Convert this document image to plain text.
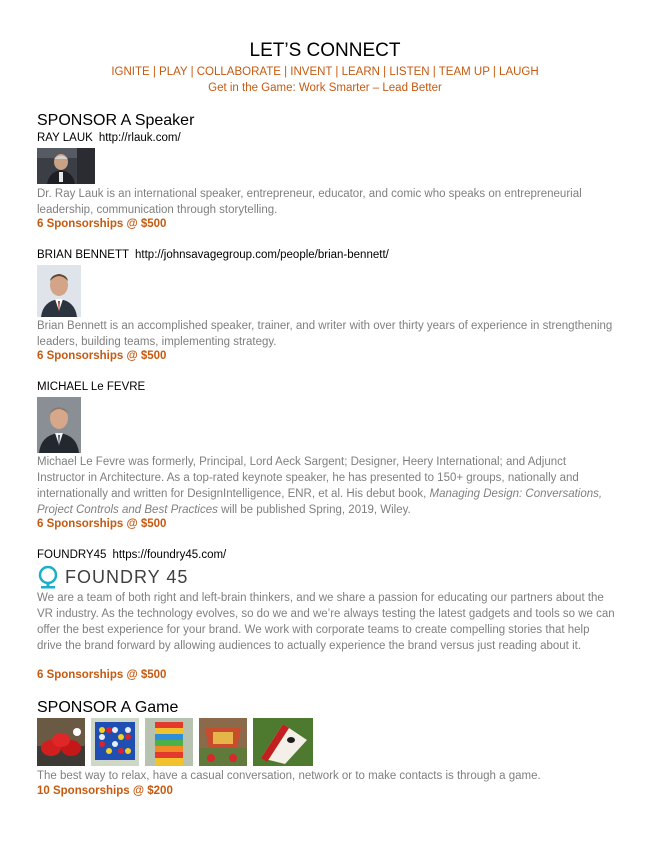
LET’S CONNECT
IGNITE | PLAY | COLLABORATE | INVENT | LEARN | LISTEN | TEAM UP | LAUGH
Get in the Game: Work Smarter – Lead Better
SPONSOR A Speaker
RAY LAUK http://rlauk.com/
Dr. Ray Lauk is an international speaker, entrepreneur, educator, and comic who speaks on entrepreneurial leadership, communication through storytelling.
6 Sponsorships @ $500
BRIAN BENNETT http://johnsavagegroup.com/people/brian-bennett/
Brian Bennett is an accomplished speaker, trainer, and writer with over thirty years of experience in strengthening leaders, building teams, implementing strategy.
6 Sponsorships @ $500
MICHAEL Le FEVRE
Michael Le Fevre was formerly, Principal, Lord Aeck Sargent; Designer, Heery International; and Adjunct Instructor in Architecture. As a top-rated keynote speaker, he has presented to 150+ groups, nationally and internationally and written for DesignIntelligence, ENR, et al. His debut book, Managing Design: Conversations, Project Controls and Best Practices will be published Spring, 2019, Wiley.
6 Sponsorships @ $500
FOUNDRY45 https://foundry45.com/
FOUNDRY 45
We are a team of both right and left-brain thinkers, and we share a passion for educating our partners about the VR industry. As the technology evolves, so do we and we’re always testing the latest gadgets and tools so we can offer the best experience for your brand. We work with corporate teams to create compelling stories that help drive the brand forward by allowing audiences to actually experience the brand versus just reading about it.
6 Sponsorships @ $500
SPONSOR A Game
The best way to relax, have a casual conversation, network or to make contacts is through a game.
10 Sponsorships @ $200
